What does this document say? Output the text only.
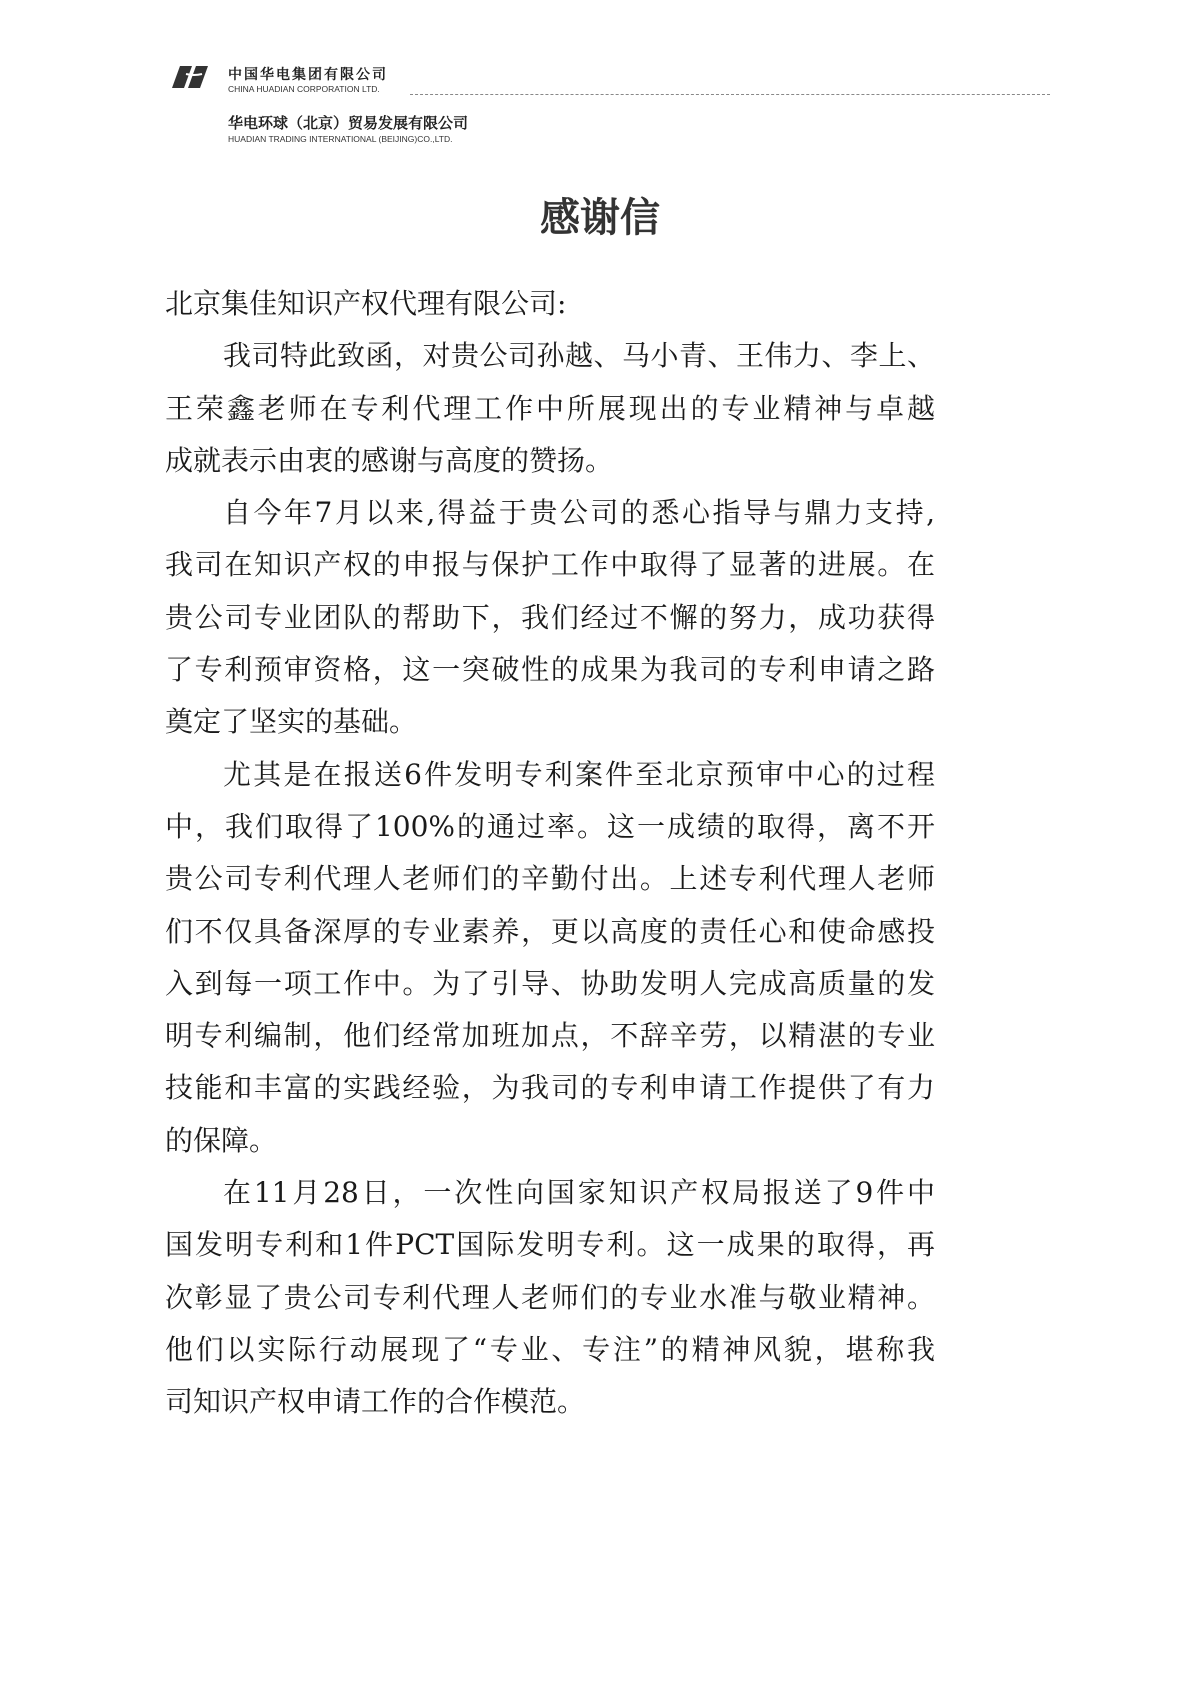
中国华电集团有限公司
CHINA HUADIAN CORPORATION LTD.
华电环球（北京）贸易发展有限公司
HUADIAN TRADING INTERNATIONAL (BEIJING)CO.,LTD.
感谢信
北京集佳知识产权代理有限公司:
我司特此致函，对贵公司孙越、马小青、王伟力、李上、
王荣鑫老师在专利代理工作中所展现出的专业精神与卓越
成就表示由衷的感谢与高度的赞扬。
自今年7月以来,得益于贵公司的悉心指导与鼎力支持,
我司在知识产权的申报与保护工作中取得了显著的进展。在
贵公司专业团队的帮助下，我们经过不懈的努力，成功获得
了专利预审资格，这一突破性的成果为我司的专利申请之路
奠定了坚实的基础。
尤其是在报送6件发明专利案件至北京预审中心的过程
中，我们取得了100%的通过率。这一成绩的取得，离不开
贵公司专利代理人老师们的辛勤付出。上述专利代理人老师
们不仅具备深厚的专业素养，更以高度的责任心和使命感投
入到每一项工作中。为了引导、协助发明人完成高质量的发
明专利编制，他们经常加班加点，不辞辛劳，以精湛的专业
技能和丰富的实践经验，为我司的专利申请工作提供了有力
的保障。
在11月28日，一次性向国家知识产权局报送了9件中
国发明专利和1件PCT国际发明专利。这一成果的取得，再
次彰显了贵公司专利代理人老师们的专业水准与敬业精神。
他们以实际行动展现了“专业、专注”的精神风貌，堪称我
司知识产权申请工作的合作模范。
